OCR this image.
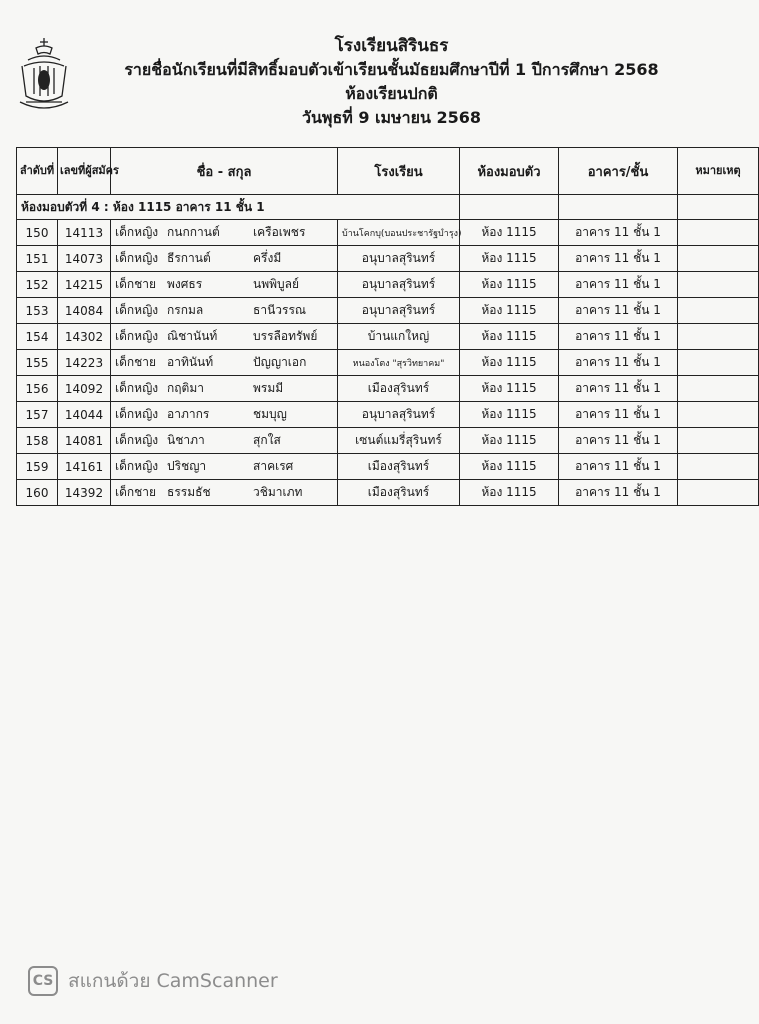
โรงเรียนสิรินธร
รายชื่อนักเรียนที่มีสิทธิ์มอบตัวเข้าเรียนชั้นมัธยมศึกษาปีที่ 1 ปีการศึกษา 2568
ห้องเรียนปกติ
วันพุธที่ 9 เมษายน 2568
ลำดับที่	เลขที่ผู้สมัคร	ชื่อ - สกุล	โรงเรียน	ห้องมอบตัว	อาคาร/ชั้น	หมายเหตุ
ห้องมอบตัวที่ 4 : ห้อง 1115 อาคาร 11 ชั้น 1						
150	14113	เด็กหญิง กนกกานต์ เครือเพชร	บ้านโคกบุ(บอนประชารัฐบำรุง)	ห้อง 1115	อาคาร 11 ชั้น 1	
151	14073	เด็กหญิง ธีรกานต์ ครึ่งมี	อนุบาลสุรินทร์	ห้อง 1115	อาคาร 11 ชั้น 1	
152	14215	เด็กชาย พงศธร นพพิบูลย์	อนุบาลสุรินทร์	ห้อง 1115	อาคาร 11 ชั้น 1	
153	14084	เด็กหญิง กรกมล ธานีวรรณ	อนุบาลสุรินทร์	ห้อง 1115	อาคาร 11 ชั้น 1	
154	14302	เด็กหญิง ณิชานันท์ บรรลือทรัพย์	บ้านแกใหญ่	ห้อง 1115	อาคาร 11 ชั้น 1	
155	14223	เด็กชาย อาทินันท์ ปัญญาเอก	หนองโตง "สุรวิทยาคม"	ห้อง 1115	อาคาร 11 ชั้น 1	
156	14092	เด็กหญิง กฤติมา พรมมี	เมืองสุรินทร์	ห้อง 1115	อาคาร 11 ชั้น 1	
157	14044	เด็กหญิง อาภากร ชมบุญ	อนุบาลสุรินทร์	ห้อง 1115	อาคาร 11 ชั้น 1	
158	14081	เด็กหญิง นิชาภา สุกใส	เซนต์แมรี่สุรินทร์	ห้อง 1115	อาคาร 11 ชั้น 1	
159	14161	เด็กหญิง ปริชญา สาคเรศ	เมืองสุรินทร์	ห้อง 1115	อาคาร 11 ชั้น 1	
160	14392	เด็กชาย ธรรมธัช วชิมาเภท	เมืองสุรินทร์	ห้อง 1115	อาคาร 11 ชั้น 1	
CS สแกนด้วย CamScanner
